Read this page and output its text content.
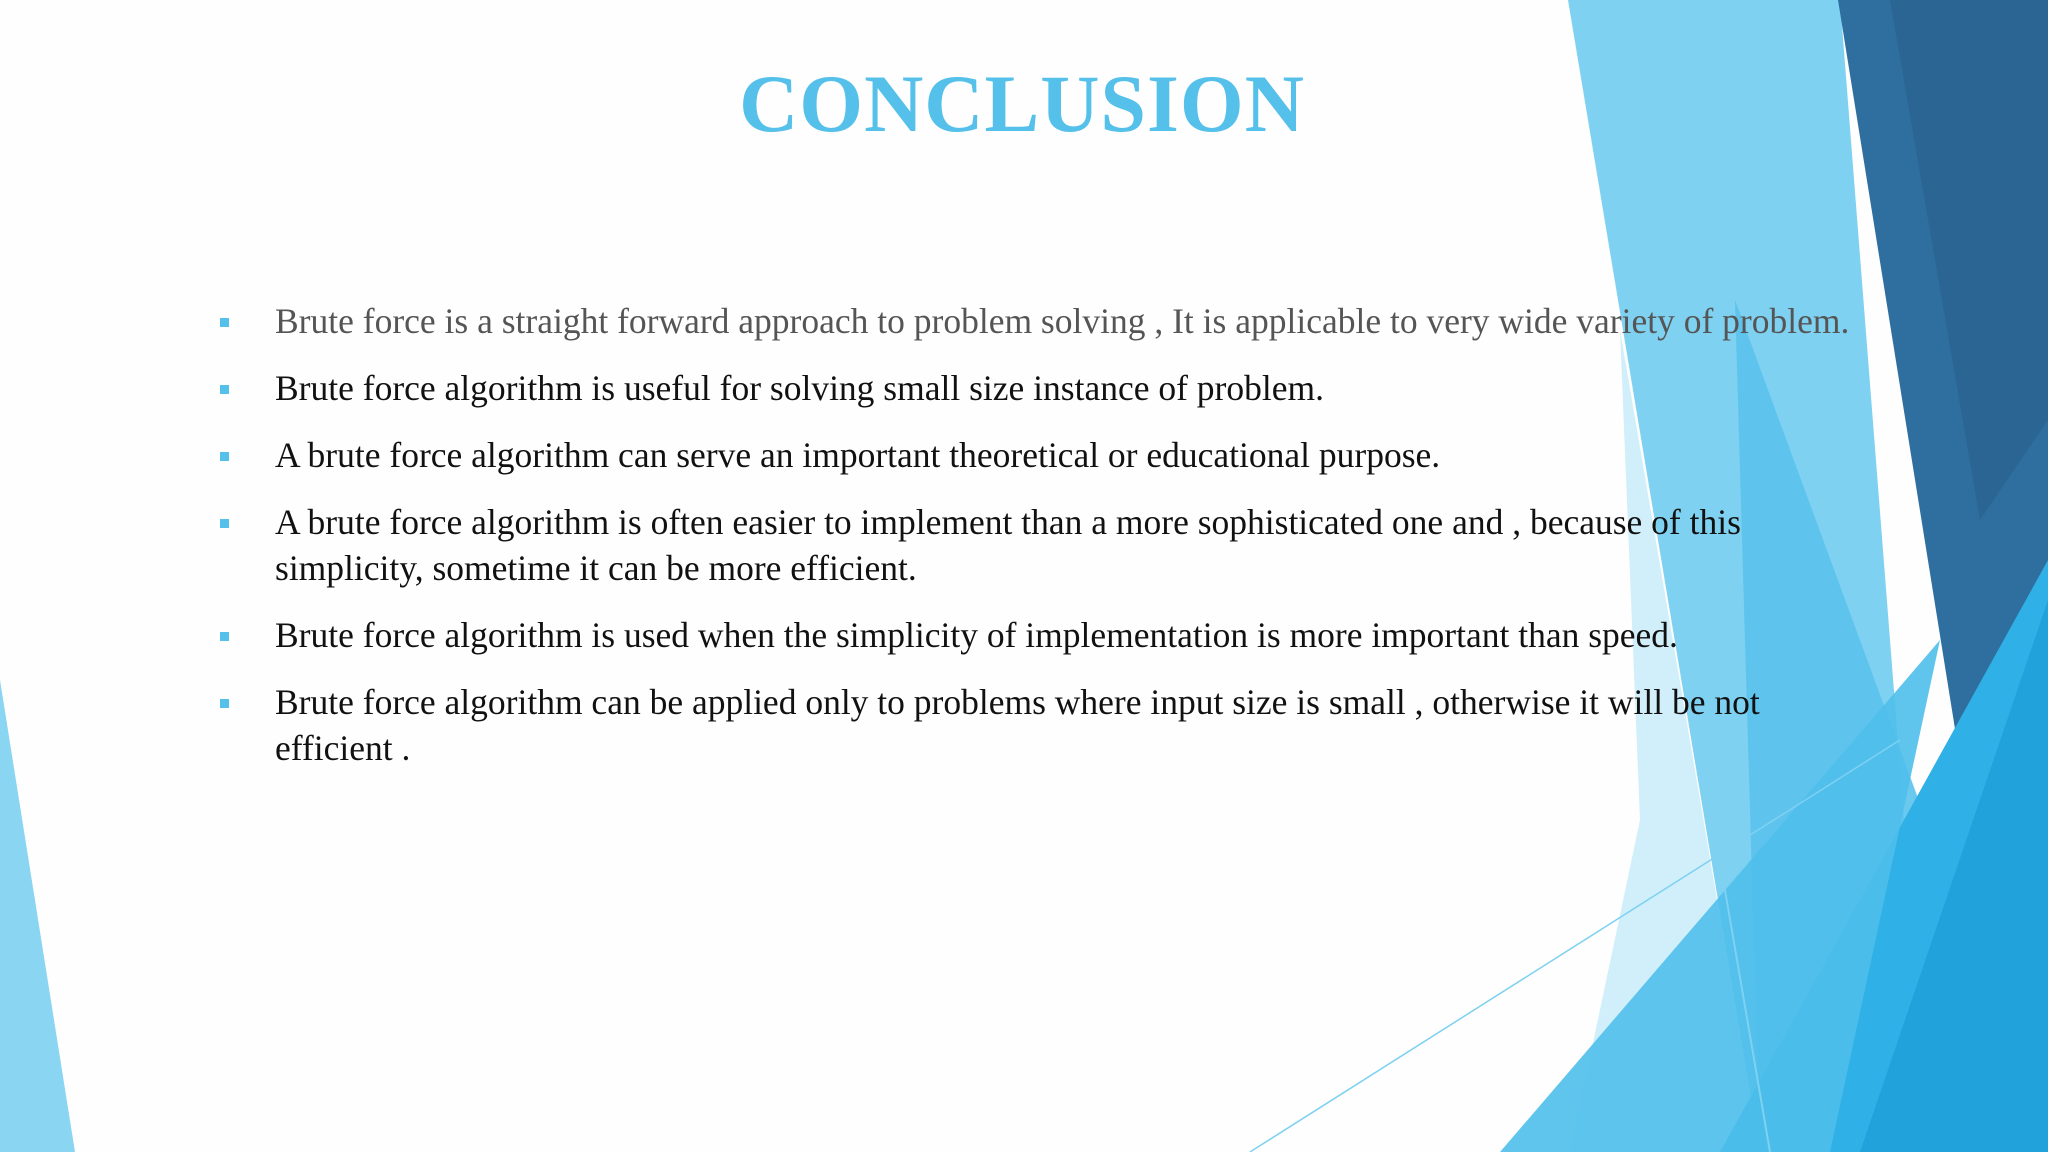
CONCLUSION
Brute force is a straight forward approach to problem solving , It is applicable to very wide variety of problem.
Brute force algorithm is useful for solving small size instance of problem.
A brute force algorithm can serve an important theoretical or educational purpose.
A brute force algorithm is often easier to implement than a more sophisticated one and , because of this simplicity, sometime it can be more efficient.
Brute force algorithm is used when the simplicity of implementation is more important than speed.
Brute force algorithm can be applied only to problems where input size is small , otherwise it will be not efficient .
